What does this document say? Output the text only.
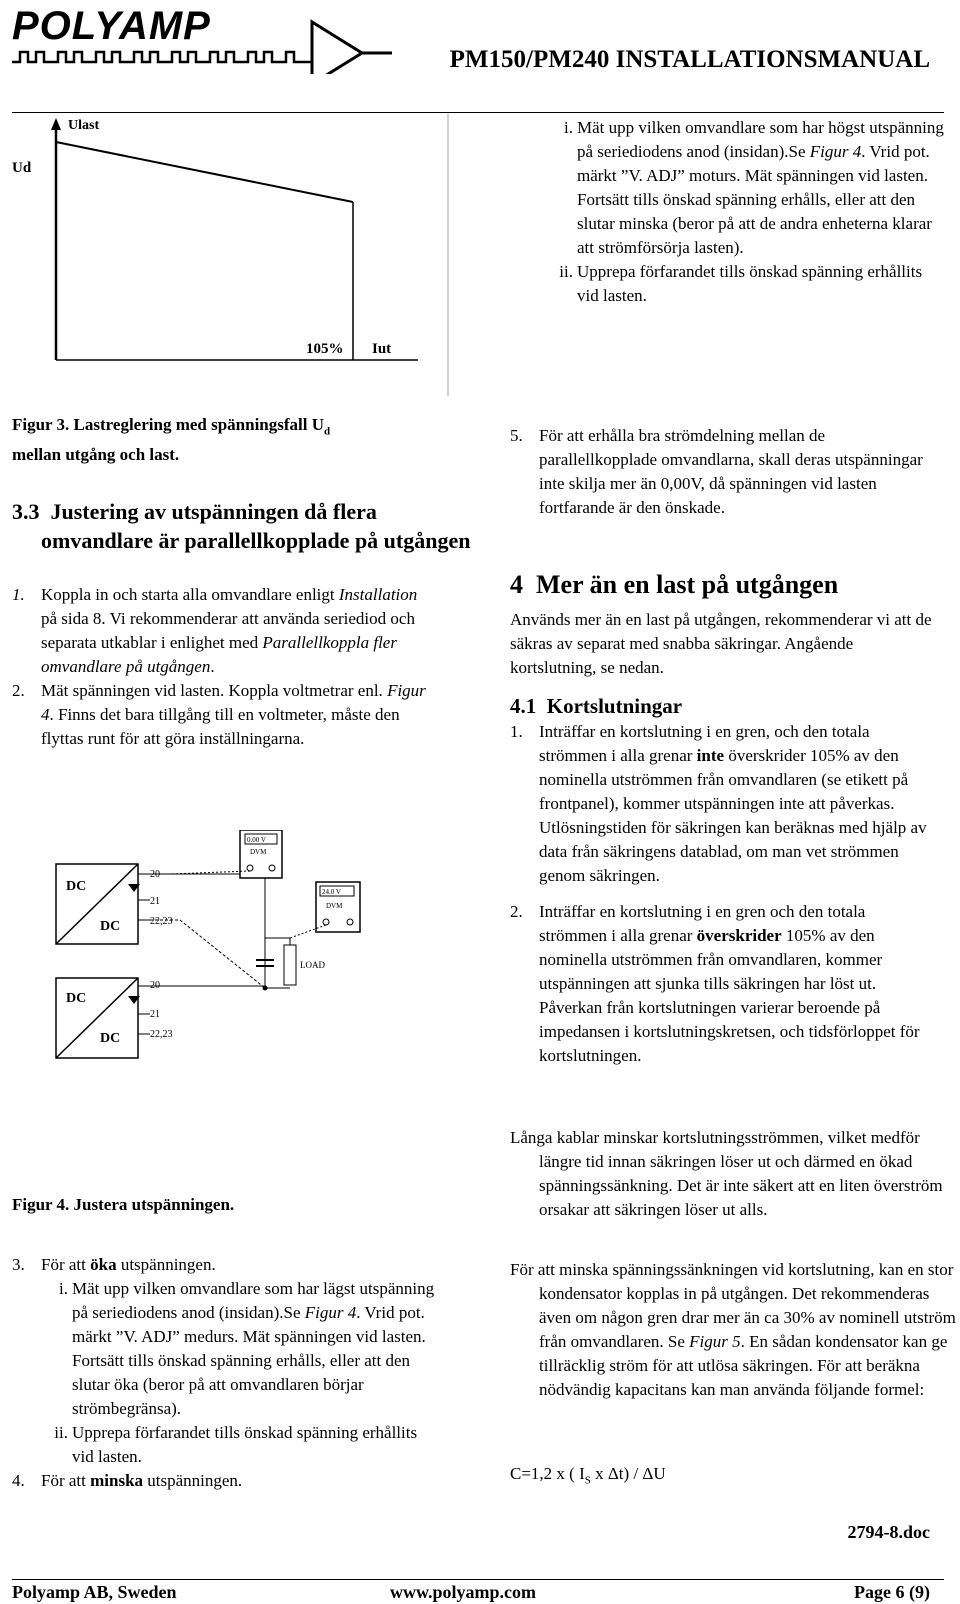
POLYAMP
PM150/PM240 INSTALLATIONSMANUAL
Ulast
Ud
105% Iut
i. Mät upp vilken omvandlare som har högst utspänning på seriediodens anod (insidan).Se Figur 4. Vrid pot. märkt ”V. ADJ” moturs. Mät spänningen vid lasten. Fortsätt tills önskad spänning erhålls, eller att den slutar minska (beror på att de andra enheterna klarar att strömförsörja lasten).
ii. Upprepa förfarandet tills önskad spänning erhållits vid lasten.
Figur 3. Lastreglering med spänningsfall $U_d$
mellan utgång och last.
3.3 Justering av utspänningen då flera omvandlare är parallellkopplade på utgången
1. Koppla in och starta alla omvandlare enligt Installation på sida 8. Vi rekommenderar att använda seriediod och separata utkablar i enlighet med Parallellkoppla fler omvandlare på utgången.
2. Mät spänningen vid lasten. Koppla voltmetrar enl. Figur 4. Finns det bara tillgång till en voltmeter, måste den flyttas runt för att göra inställningarna.
DC
DC
20
21
22,23
DC
DC
20
21
22,23
LOAD
0.00 V
DVM
24.0 V
DVM
Figur 4. Justera utspänningen.
3. För att öka utspänningen.
i. Mät upp vilken omvandlare som har lägst utspänning på seriediodens anod (insidan).Se Figur 4. Vrid pot. märkt ”V. ADJ” medurs. Mät spänningen vid lasten. Fortsätt tills önskad spänning erhålls, eller att den slutar öka (beror på att omvandlaren börjar strömbegränsa).
ii. Upprepa förfarandet tills önskad spänning erhållits vid lasten.
4. För att minska utspänningen.
5. För att erhålla bra strömdelning mellan de parallellkopplade omvandlarna, skall deras utspänningar inte skilja mer än 0,00V, då spänningen vid lasten fortfarande är den önskade.
4 Mer än en last på utgången

Används mer än en last på utgången, rekommenderar vi att de säkras av separat med snabba säkringar. Angående kortslutning, se nedan.

4.1 Kortslutningar
1. Inträffar en kortslutning i en gren, och den totala strömmen i alla grenar inte överskrider 105% av den nominella utströmmen från omvandlaren (se etikett på frontpanel), kommer utspänningen inte att påverkas. Utlösningstiden för säkringen kan beräknas med hjälp av data från säkringens datablad, om man vet strömmen genom säkringen.
2. Inträffar en kortslutning i en gren och den totala strömmen i alla grenar överskrider 105% av den nominella utströmmen från omvandlaren, kommer utspänningen att sjunka tills säkringen har löst ut. Påverkan från kortslutningen varierar beroende på impedansen i kortslutningskretsen, och tidsförloppet för kortslutningen.

Långa kablar minskar kortslutningsströmmen, vilket medför längre tid innan säkringen löser ut och därmed en ökad spänningssänkning. Det är inte säkert att en liten överström orsakar att säkringen löser ut alls.

För att minska spänningssänkningen vid kortslutning, kan en stor kondensator kopplas in på utgången. Det rekommenderas även om någon gren drar mer än ca 30% av nominell utström från omvandlaren. Se Figur 5. En sådan kondensator kan ge tillräcklig ström för att utlösa säkringen. För att beräkna nödvändig kapacitans kan man använda följande formel:

C=1,2 x ( $I_S$ x Δt) / ΔU

2794-8.doc
Polyamp AB, Sweden	www.polyamp.com	Page 6 (9)
